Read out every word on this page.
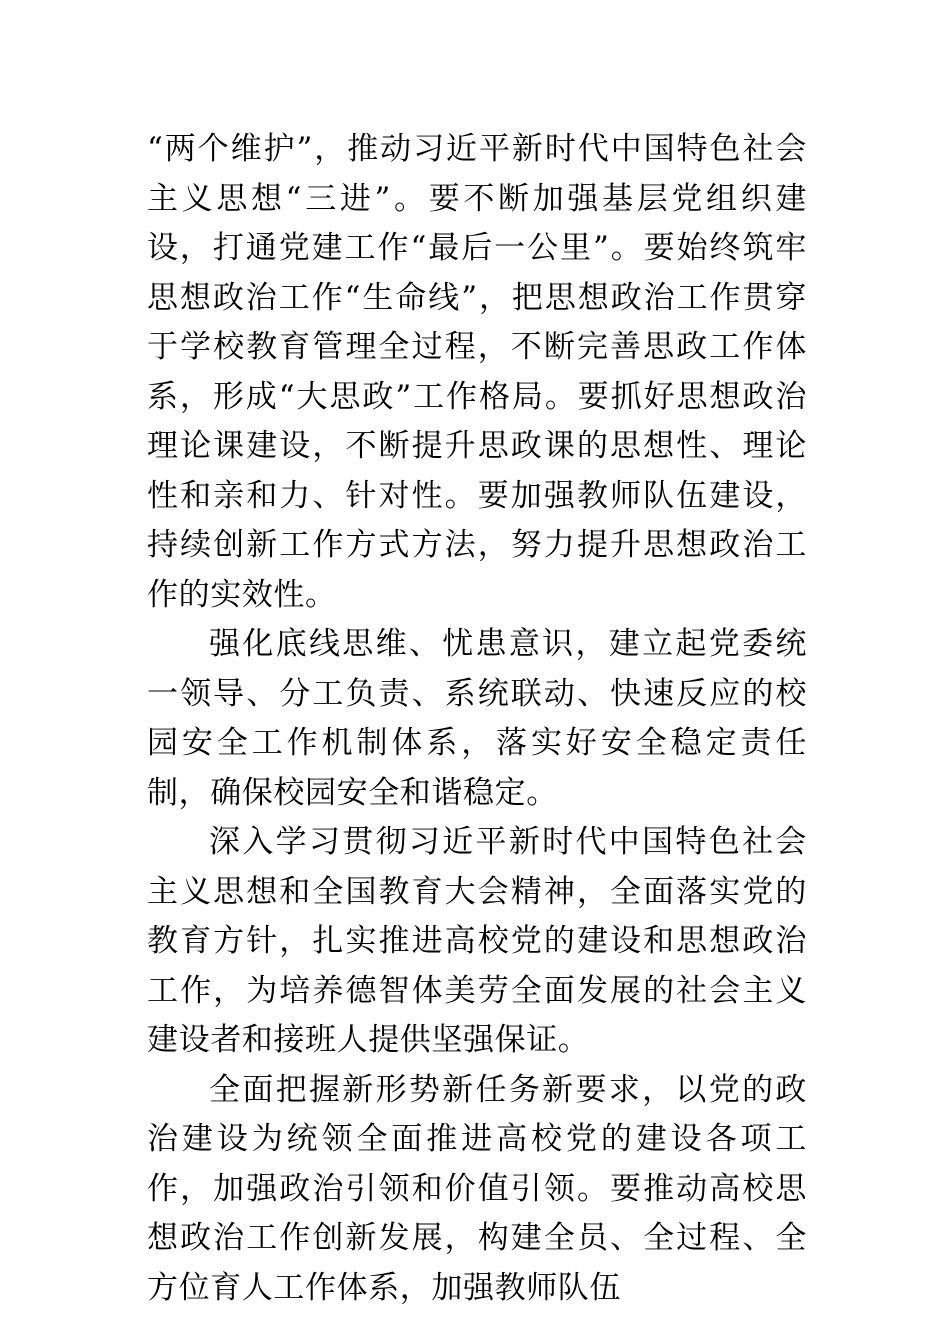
“两个维护”，推动习近平新时代中国特色社会主义思想“三进”。要不断加强基层党组织建设，打通党建工作“最后一公里”。要始终筑牢思想政治工作“生命线”，把思想政治工作贯穿于学校教育管理全过程，不断完善思政工作体系，形成“大思政”工作格局。要抓好思想政治理论课建设，不断提升思政课的思想性、理论性和亲和力、针对性。要加强教师队伍建设，持续创新工作方式方法，努力提升思想政治工作的实效性。

强化底线思维、忧患意识，建立起党委统一领导、分工负责、系统联动、快速反应的校园安全工作机制体系，落实好安全稳定责任制，确保校园安全和谐稳定。

深入学习贯彻习近平新时代中国特色社会主义思想和全国教育大会精神，全面落实党的教育方针，扎实推进高校党的建设和思想政治工作，为培养德智体美劳全面发展的社会主义建设者和接班人提供坚强保证。

全面把握新形势新任务新要求，以党的政治建设为统领全面推进高校党的建设各项工作，加强政治引领和价值引领。要推动高校思想政治工作创新发展，构建全员、全过程、全方位育人工作体系，加强教师队伍
